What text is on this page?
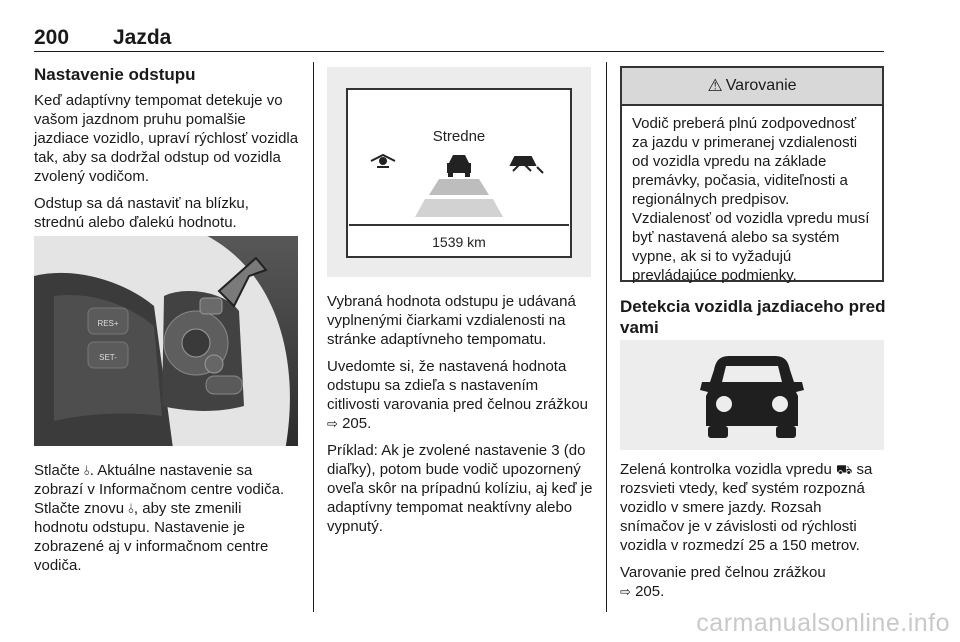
200 Jazda
Nastavenie odstupu

Keď adaptívny tempomat detekuje vo vašom jazdnom pruhu pomalšie jazdiace vozidlo, upraví rýchlosť vozidla tak, aby sa dodržal odstup od vozidla zvolený vodičom.

Odstup sa dá nastaviť na blízku, strednú alebo ďalekú hodnotu.

RES+
SET-

Stlačte ⫰. Aktuálne nastavenie sa zobrazí v Informačnom centre vodiča. Stlačte znovu ⫰, aby ste zmenili hodnotu odstupu. Nastavenie je zobrazené aj v informačnom centre vodiča.

Stredne
1539 km

Vybraná hodnota odstupu je udávaná vyplnenými čiarkami vzdialenosti na stránke adaptívneho tempomatu.

Uvedomte si, že nastavená hodnota odstupu sa zdieľa s nastavením citlivosti varovania pred čelnou zrážkou ⇨ 205.

Príklad: Ak je zvolené nastavenie 3 (do diaľky), potom bude vodič upozornený oveľa skôr na prípadnú kolíziu, aj keď je adaptívny tempomat neaktívny alebo vypnutý.

⚠ Varovanie
Vodič preberá plnú zodpovednosť za jazdu v primeranej vzdialenosti od vozidla vpredu na základe premávky, počasia, viditeľnosti a regionálnych predpisov.
Vzdialenosť od vozidla vpredu musí byť nastavená alebo sa systém vypne, ak si to vyžadujú prevládajúce podmienky.
Detekcia vozidla jazdiaceho pred vami

Zelená kontrolka vozidla vpredu ⛟ sa rozsvieti vtedy, keď systém rozpozná vozidlo v smere jazdy. Rozsah snímačov je v závislosti od rýchlosti vozidla v rozmedzí 25 a 150 metrov.

Varovanie pred čelnou zrážkou
⇨ 205.

carmanualsonline.info
